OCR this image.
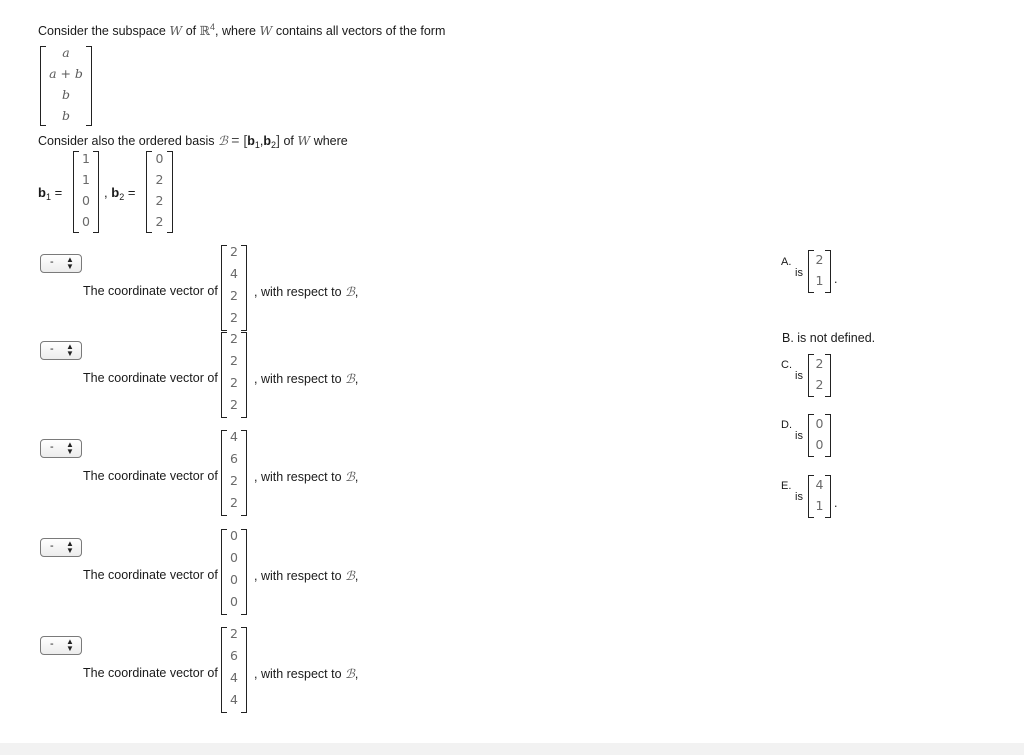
Consider the subspace W of ℝ$^4$, where W contains all vectors of the form
a
a + b
b
b
Consider also the ordered basis ℬ = $[b_1,b_2]$ of W where
$b_1$ =
1
1
0
0
, $b_2$ =
0
2
2
2
- ▲
▼
The coordinate vector of
2
4
2
2
, with respect to ℬ,
- ▲
▼
The coordinate vector of
2
2
2
2
, with respect to ℬ,
- ▲
▼
The coordinate vector of
4
6
2
2
, with respect to ℬ,
- ▲
▼
The coordinate vector of
0
0
0
0
, with respect to ℬ,
- ▲
▼
The coordinate vector of
2
6
4
4
, with respect to ℬ,
A.
is
2
1 .
B. is not defined.
C.
is
2
2
D.
is
0
0
E.
is
4
1 .
